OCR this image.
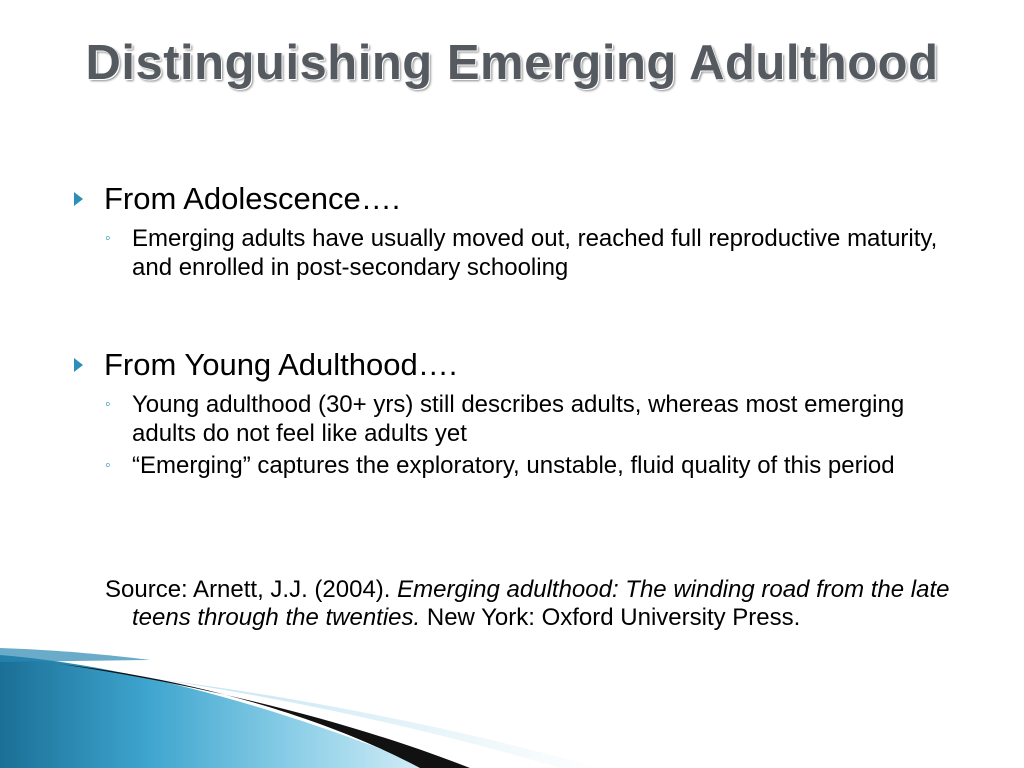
Distinguishing Emerging Adulthood
From Adolescence….
◦ Emerging adults have usually moved out, reached full reproductive maturity, and enrolled in post-secondary schooling
From Young Adulthood….
◦ Young adulthood (30+ yrs) still describes adults, whereas most emerging adults do not feel like adults yet
◦ “Emerging” captures the exploratory, unstable, fluid quality of this period
Source: Arnett, J.J. (2004). Emerging adulthood: The winding road from the late teens through the twenties. New York: Oxford University Press.
